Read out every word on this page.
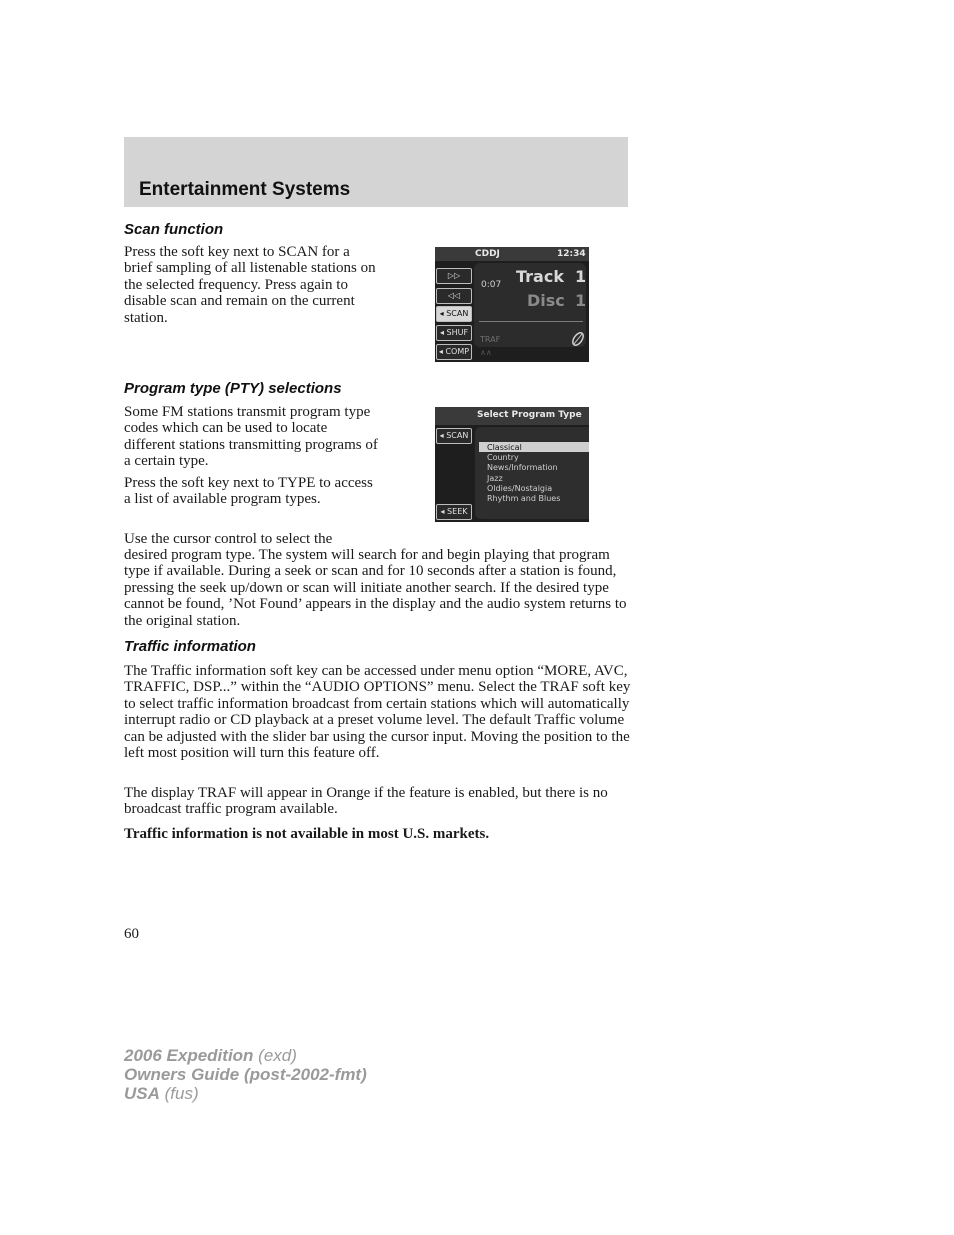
Entertainment Systems
Scan function

Press the soft key next to SCAN for a brief sampling of all listenable stations on the selected frequency. Press again to disable scan and remain on the current station.

CDDJ	12:34
▷▷
◁◁
◂ SCAN
◂ SHUF
◂ COMP
0:07 Track 1
Disc 1
TRAF
∧∧
Program type (PTY) selections

Some FM stations transmit program type codes which can be used to locate different stations transmitting programs of a certain type.

Press the soft key next to TYPE to access a list of available program types.

Use the cursor control to select the

desired program type. The system will search for and begin playing that program type if available. During a seek or scan and for 10 seconds after a station is found, pressing the seek up/down or scan will initiate another search. If the desired type cannot be found, ’Not Found’ appears in the display and the audio system returns to the original station.

Select Program Type
◂ SCAN
◂ SEEK
Classical
Country
News/Information
Jazz
Oldies/Nostalgia
Rhythm and Blues
Traffic information

The Traffic information soft key can be accessed under menu option “MORE, AVC, TRAFFIC, DSP...” within the “AUDIO OPTIONS” menu. Select the TRAF soft key to select traffic information broadcast from certain stations which will automatically interrupt radio or CD playback at a preset volume level. The default Traffic volume can be adjusted with the slider bar using the cursor input. Moving the position to the left most position will turn this feature off.

The display TRAF will appear in Orange if the feature is enabled, but there is no broadcast traffic program available.

Traffic information is not available in most U.S. markets.

60
2006 Expedition (exd)
Owners Guide (post-2002-fmt)
USA (fus)
